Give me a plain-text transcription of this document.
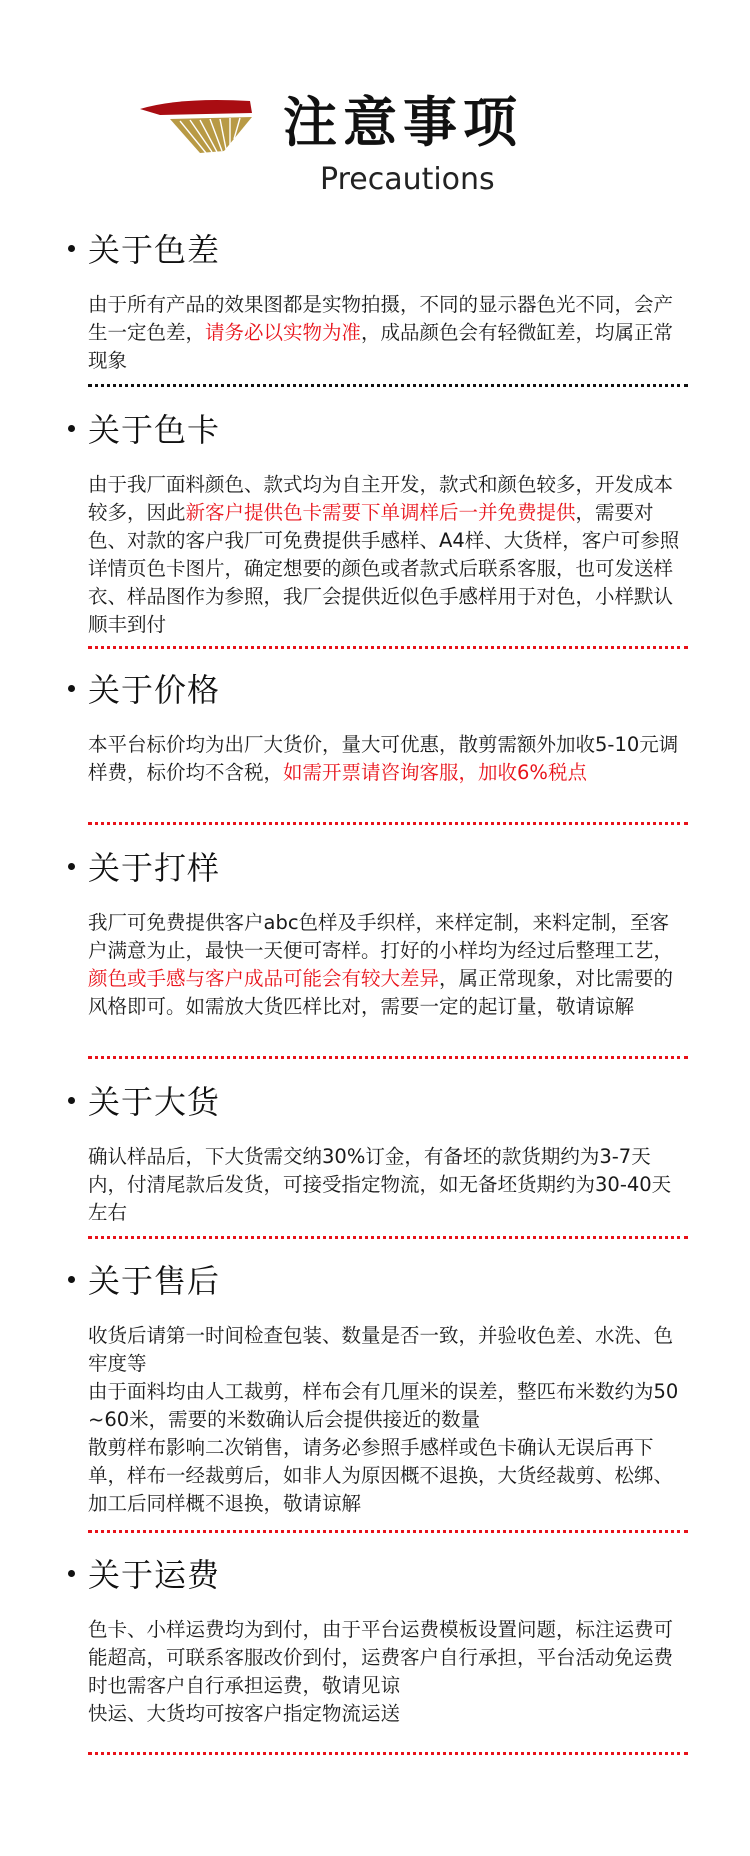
注意事项
Precautions
关于色差
由于所有产品的效果图都是实物拍摄，不同的显示器色光不同，会产生一定色差，请务必以实物为准，成品颜色会有轻微缸差，均属正常现象
关于色卡
由于我厂面料颜色、款式均为自主开发，款式和颜色较多，开发成本较多，因此新客户提供色卡需要下单调样后一并免费提供，需要对色、对款的客户我厂可免费提供手感样、A4样、大货样，客户可参照详情页色卡图片，确定想要的颜色或者款式后联系客服，也可发送样衣、样品图作为参照，我厂会提供近似色手感样用于对色，小样默认顺丰到付
关于价格
本平台标价均为出厂大货价，量大可优惠，散剪需额外加收5-10元调样费，标价均不含税，如需开票请咨询客服，加收6%税点
关于打样
我厂可免费提供客户abc色样及手织样，来样定制，来料定制，至客户满意为止，最快一天便可寄样。打好的小样均为经过后整理工艺，颜色或手感与客户成品可能会有较大差异，属正常现象，对比需要的风格即可。如需放大货匹样比对，需要一定的起订量，敬请谅解
关于大货
确认样品后，下大货需交纳30%订金，有备坯的款货期约为3-7天内，付清尾款后发货，可接受指定物流，如无备坯货期约为30-40天左右
关于售后
收货后请第一时间检查包装、数量是否一致，并验收色差、水洗、色牢度等
由于面料均由人工裁剪，样布会有几厘米的误差，整匹布米数约为50~60米，需要的米数确认后会提供接近的数量
散剪样布影响二次销售，请务必参照手感样或色卡确认无误后再下单，样布一经裁剪后，如非人为原因概不退换，大货经裁剪、松绑、加工后同样概不退换，敬请谅解
关于运费
色卡、小样运费均为到付，由于平台运费模板设置问题，标注运费可能超高，可联系客服改价到付，运费客户自行承担，平台活动免运费时也需客户自行承担运费，敬请见谅
快运、大货均可按客户指定物流运送
